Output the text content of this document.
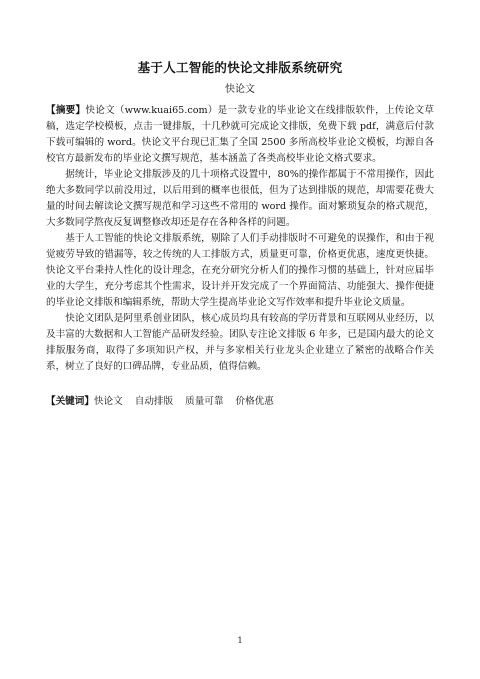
基于人工智能的快论文排版系统研究
快论文

【摘要】快论文（www.kuai65.com）是一款专业的毕业论文在线排版软件，上传论文草稿，选定学校模板，点击一键排版，十几秒就可完成论文排版，免费下载 pdf，满意后付款下载可编辑的 word。快论文平台现已汇集了全国 2500 多所高校毕业论文模板，均源自各校官方最新发布的毕业论文撰写规范，基本涵盖了各类高校毕业论文格式要求。

据统计，毕业论文排版涉及的几十项格式设置中，80%的操作都属于不常用操作，因此绝大多数同学以前没用过，以后用到的概率也很低，但为了达到排版的规范，却需要花费大量的时间去解读论文撰写规范和学习这些不常用的 word 操作。面对繁琐复杂的格式规范，大多数同学熬夜反复调整修改却还是存在各种各样的问题。

基于人工智能的快论文排版系统，剔除了人们手动排版时不可避免的误操作，和由于视觉疲劳导致的错漏等，较之传统的人工排版方式，质量更可靠，价格更优惠，速度更快捷。快论文平台秉持人性化的设计理念，在充分研究分析人们的操作习惯的基础上，针对应届毕业的大学生，充分考虑其个性需求，设计并开发完成了一个界面简洁、功能强大、操作便捷的毕业论文排版和编辑系统，帮助大学生提高毕业论文写作效率和提升毕业论文质量。

快论文团队是阿里系创业团队，核心成员均具有较高的学历背景和互联网从业经历，以及丰富的大数据和人工智能产品研发经验。团队专注论文排版 6 年多，已是国内最大的论文排版服务商，取得了多项知识产权，并与多家相关行业龙头企业建立了紧密的战略合作关系，树立了良好的口碑品牌，专业品质，值得信赖。

【关键词】快论文 自动排版 质量可靠 价格优惠
1
